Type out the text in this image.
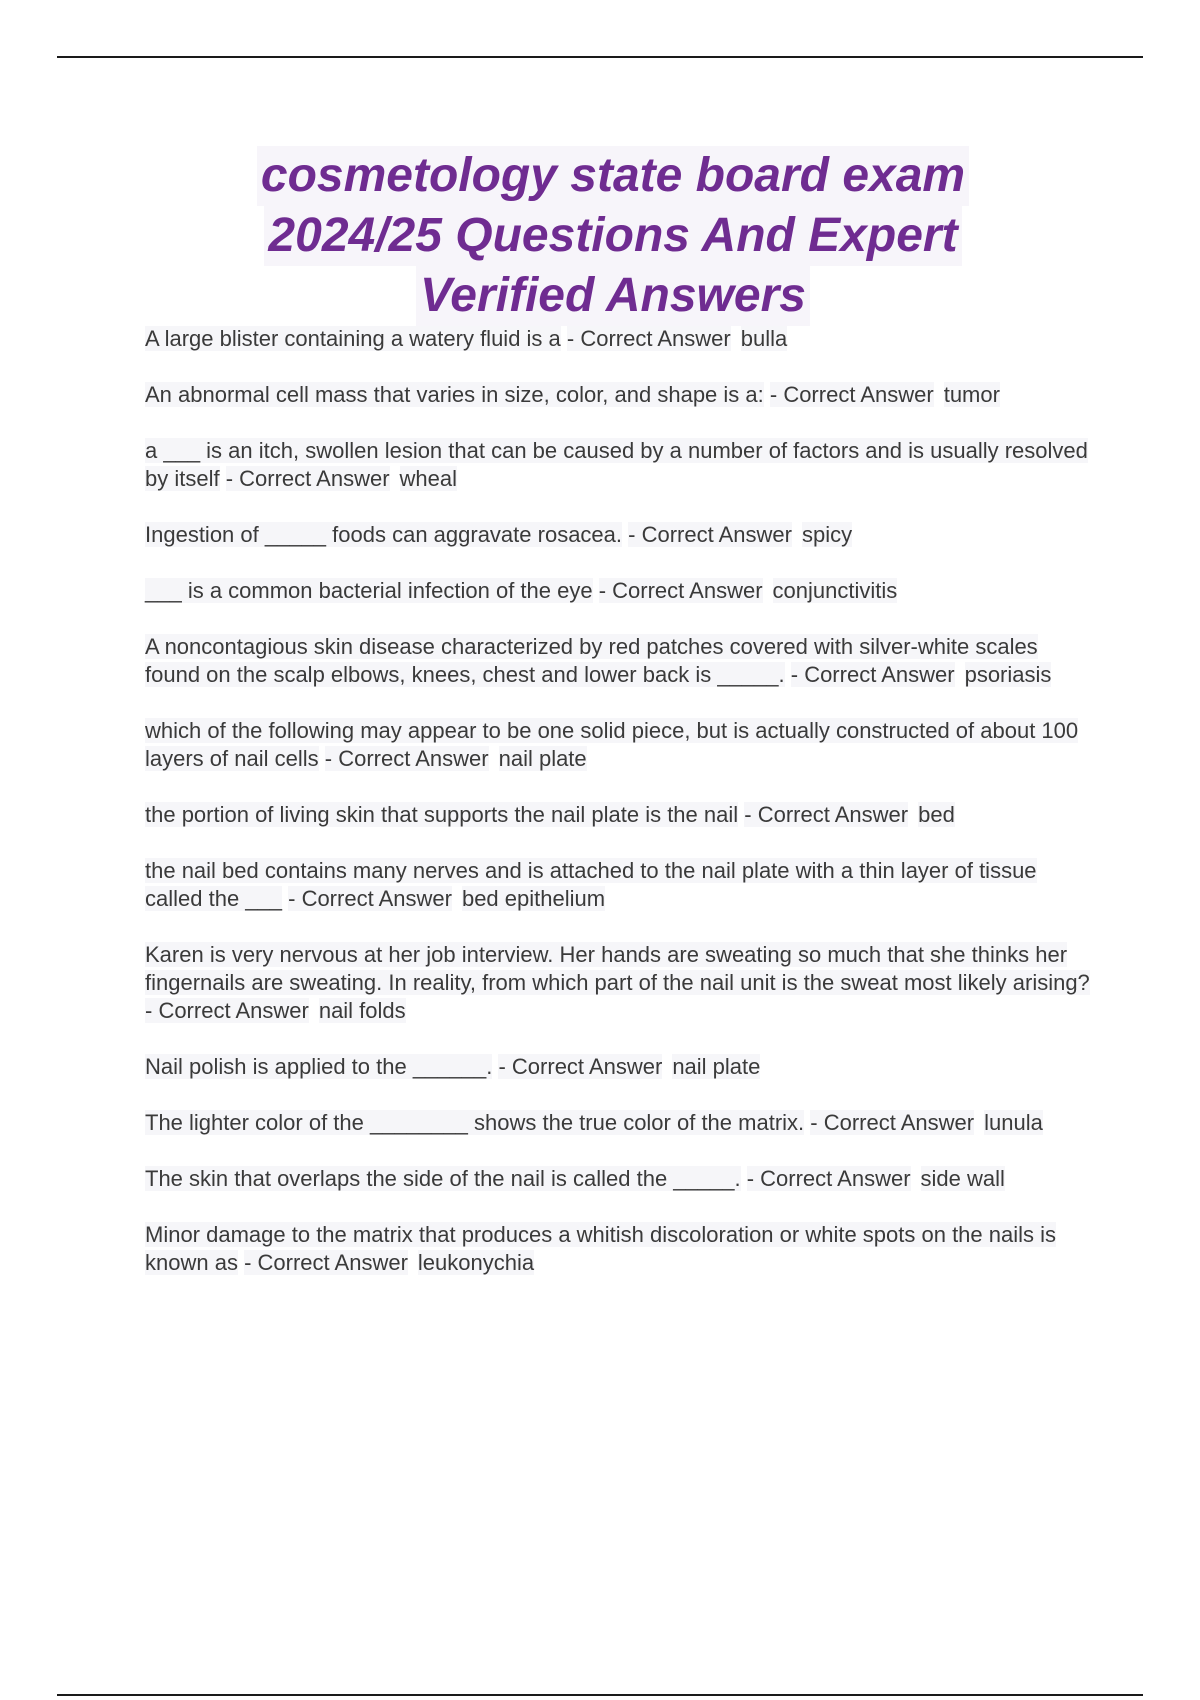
cosmetology state board exam
2024/25 Questions And Expert
Verified Answers
A large blister containing a watery fluid is a - Correct Answer bulla
An abnormal cell mass that varies in size, color, and shape is a: - Correct Answer tumor
a ___ is an itch, swollen lesion that can be caused by a number of factors and is usually resolved by itself - Correct Answer wheal
Ingestion of _____ foods can aggravate rosacea. - Correct Answer spicy
___ is a common bacterial infection of the eye - Correct Answer conjunctivitis
A noncontagious skin disease characterized by red patches covered with silver-white scales found on the scalp elbows, knees, chest and lower back is _____. - Correct Answer psoriasis
which of the following may appear to be one solid piece, but is actually constructed of about 100 layers of nail cells - Correct Answer nail plate
the portion of living skin that supports the nail plate is the nail - Correct Answer bed
the nail bed contains many nerves and is attached to the nail plate with a thin layer of tissue called the ___ - Correct Answer bed epithelium
Karen is very nervous at her job interview. Her hands are sweating so much that she thinks her fingernails are sweating. In reality, from which part of the nail unit is the sweat most likely arising? - Correct Answer nail folds
Nail polish is applied to the ______. - Correct Answer nail plate
The lighter color of the ________ shows the true color of the matrix. - Correct Answer lunula
The skin that overlaps the side of the nail is called the _____. - Correct Answer side wall
Minor damage to the matrix that produces a whitish discoloration or white spots on the nails is known as - Correct Answer leukonychia
